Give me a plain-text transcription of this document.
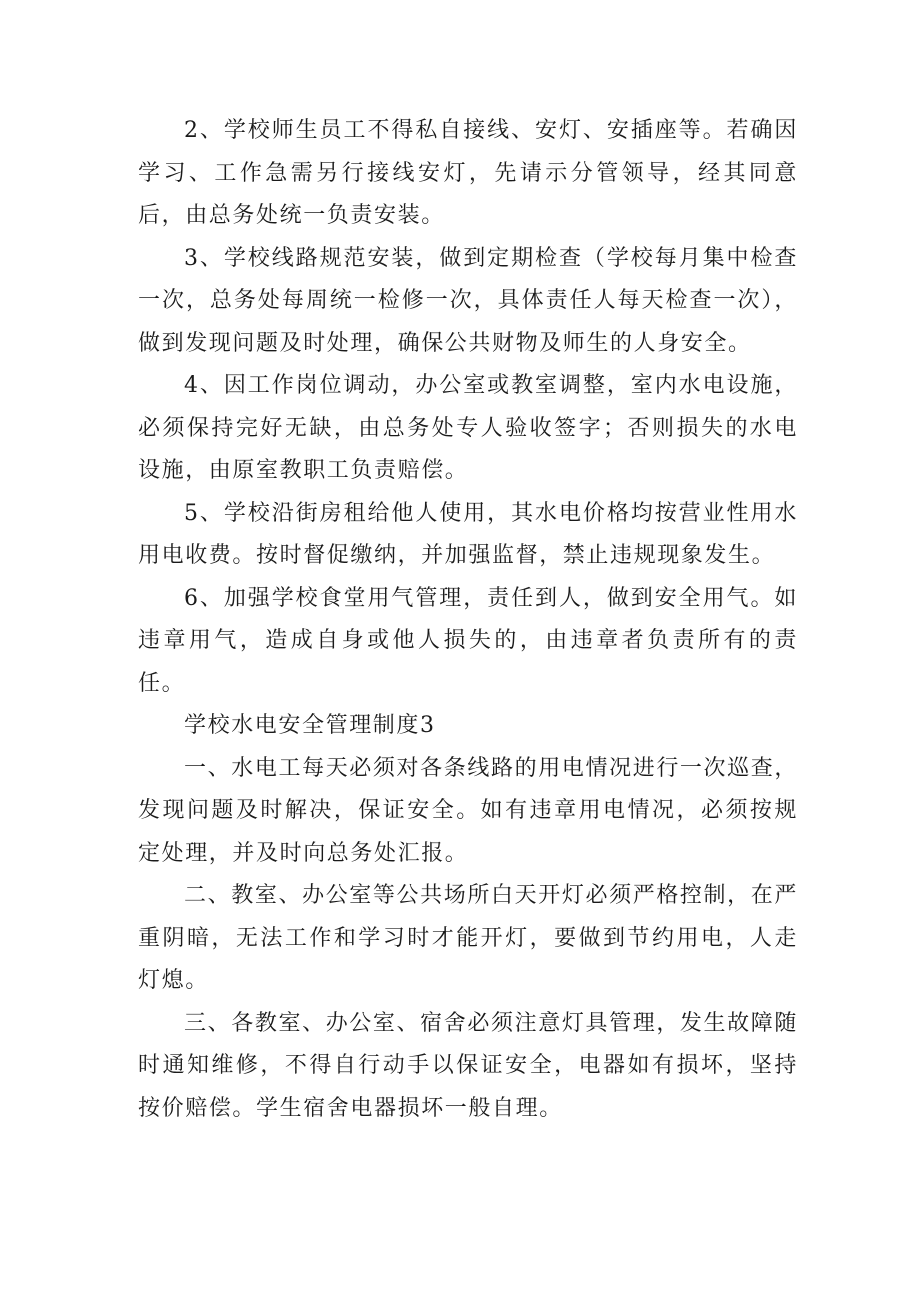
2、学校师生员工不得私自接线、安灯、安插座等。若确因学习、工作急需另行接线安灯，先请示分管领导，经其同意后，由总务处统一负责安装。

3、学校线路规范安装，做到定期检查（学校每月集中检查一次，总务处每周统一检修一次，具体责任人每天检查一次），做到发现问题及时处理，确保公共财物及师生的人身安全。

4、因工作岗位调动，办公室或教室调整，室内水电设施，必须保持完好无缺，由总务处专人验收签字；否则损失的水电设施，由原室教职工负责赔偿。

5、学校沿街房租给他人使用，其水电价格均按营业性用水用电收费。按时督促缴纳，并加强监督，禁止违规现象发生。

6、加强学校食堂用气管理，责任到人，做到安全用气。如违章用气，造成自身或他人损失的，由违章者负责所有的责任。

学校水电安全管理制度3

一、水电工每天必须对各条线路的用电情况进行一次巡查，发现问题及时解决，保证安全。如有违章用电情况，必须按规定处理，并及时向总务处汇报。

二、教室、办公室等公共场所白天开灯必须严格控制，在严重阴暗，无法工作和学习时才能开灯，要做到节约用电，人走灯熄。

三、各教室、办公室、宿舍必须注意灯具管理，发生故障随时通知维修，不得自行动手以保证安全，电器如有损坏，坚持按价赔偿。学生宿舍电器损坏一般自理。
